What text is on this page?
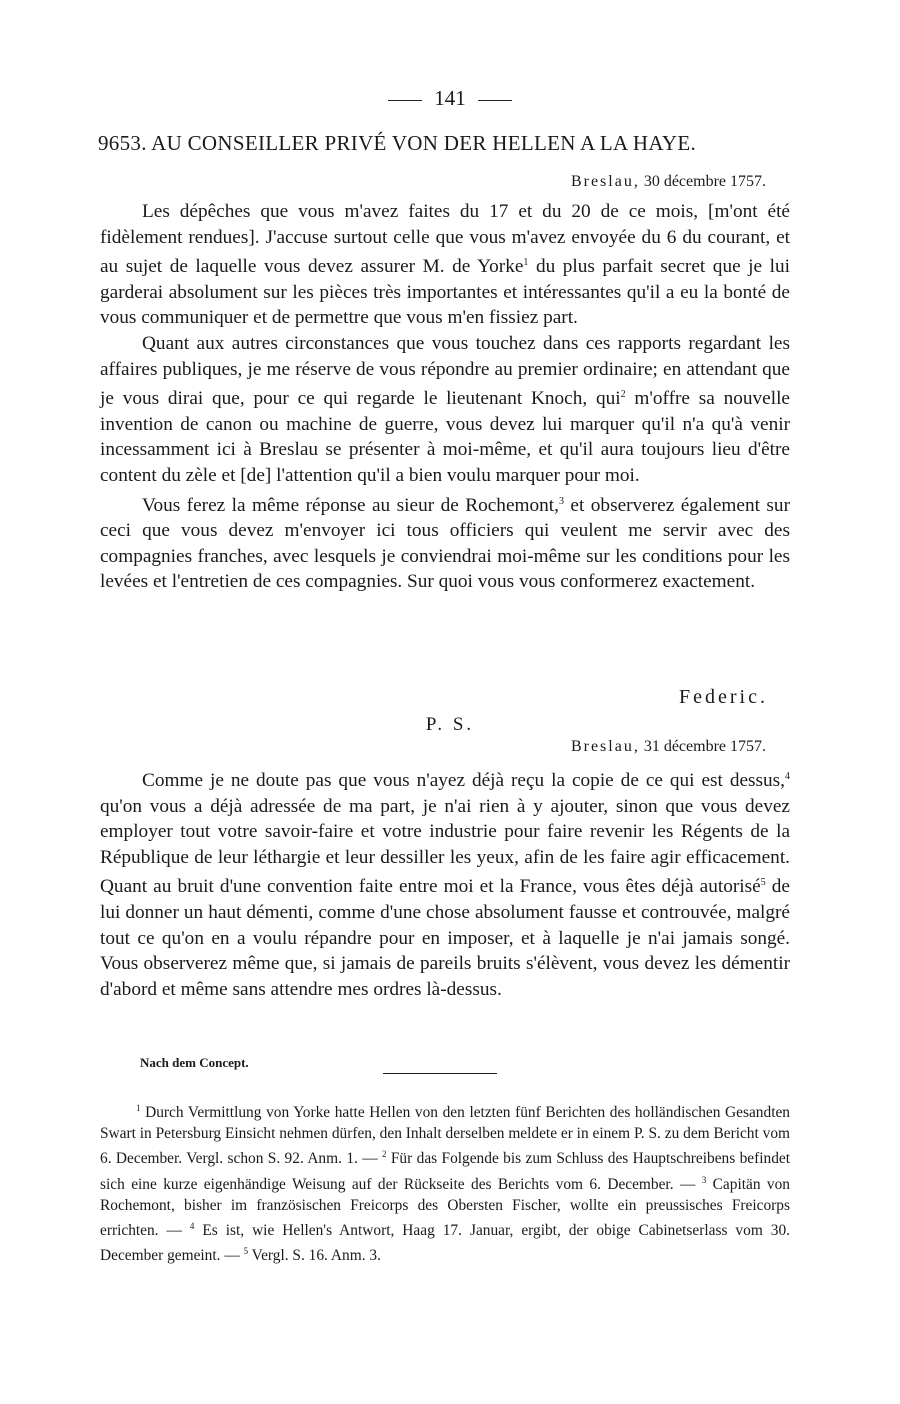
141
9653. AU CONSEILLER PRIVÉ VON DER HELLEN A LA HAYE.
Breslau, 30 décembre 1757.

Les dépêches que vous m'avez faites du 17 et du 20 de ce mois, [m'ont été fidèlement rendues]. J'accuse surtout celle que vous m'avez envoyée du 6 du courant, et au sujet de laquelle vous devez assurer M. de Yorke$^1$ du plus parfait secret que je lui garderai absolument sur les pièces très importantes et intéressantes qu'il a eu la bonté de vous communiquer et de permettre que vous m'en fissiez part.

Quant aux autres circonstances que vous touchez dans ces rapports regardant les affaires publiques, je me réserve de vous répondre au premier ordinaire; en attendant que je vous dirai que, pour ce qui regarde le lieutenant Knoch, qui$^2$ m'offre sa nouvelle invention de canon ou machine de guerre, vous devez lui marquer qu'il n'a qu'à venir incessamment ici à Breslau se présenter à moi-même, et qu'il aura toujours lieu d'être content du zèle et [de] l'attention qu'il a bien voulu marquer pour moi.

Vous ferez la même réponse au sieur de Rochemont,$^3$ et observerez également sur ceci que vous devez m'envoyer ici tous officiers qui veulent me servir avec des compagnies franches, avec lesquels je conviendrai moi-même sur les conditions pour les levées et l'entretien de ces compagnies. Sur quoi vous vous conformerez exactement.

Federic.
P. S.
Breslau, 31 décembre 1757.

Comme je ne doute pas que vous n'ayez déjà reçu la copie de ce qui est dessus,$^4$ qu'on vous a déjà adressée de ma part, je n'ai rien à y ajouter, sinon que vous devez employer tout votre savoir-faire et votre industrie pour faire revenir les Régents de la République de leur léthargie et leur dessiller les yeux, afin de les faire agir efficacement. Quant au bruit d'une convention faite entre moi et la France, vous êtes déjà autorisé$^5$ de lui donner un haut démenti, comme d'une chose absolument fausse et controuvée, malgré tout ce qu'on en a voulu répandre pour en imposer, et à laquelle je n'ai jamais songé. Vous observerez même que, si jamais de pareils bruits s'élèvent, vous devez les démentir d'abord et même sans attendre mes ordres là-dessus.

Nach dem Concept.

$^1$ Durch Vermittlung von Yorke hatte Hellen von den letzten fünf Berichten des holländischen Gesandten Swart in Petersburg Einsicht nehmen dürfen, den Inhalt derselben meldete er in einem P. S. zu dem Bericht vom 6. December. Vergl. schon S. 92. Anm. 1. — $^2$ Für das Folgende bis zum Schluss des Hauptschreibens befindet sich eine kurze eigenhändige Weisung auf der Rückseite des Berichts vom 6. December. — $^3$ Capitän von Rochemont, bisher im französischen Freicorps des Obersten Fischer, wollte ein preussisches Freicorps errichten. — $^4$ Es ist, wie Hellen's Antwort, Haag 17. Januar, ergibt, der obige Cabinetserlass vom 30. December gemeint. — $^5$ Vergl. S. 16. Anm. 3.
